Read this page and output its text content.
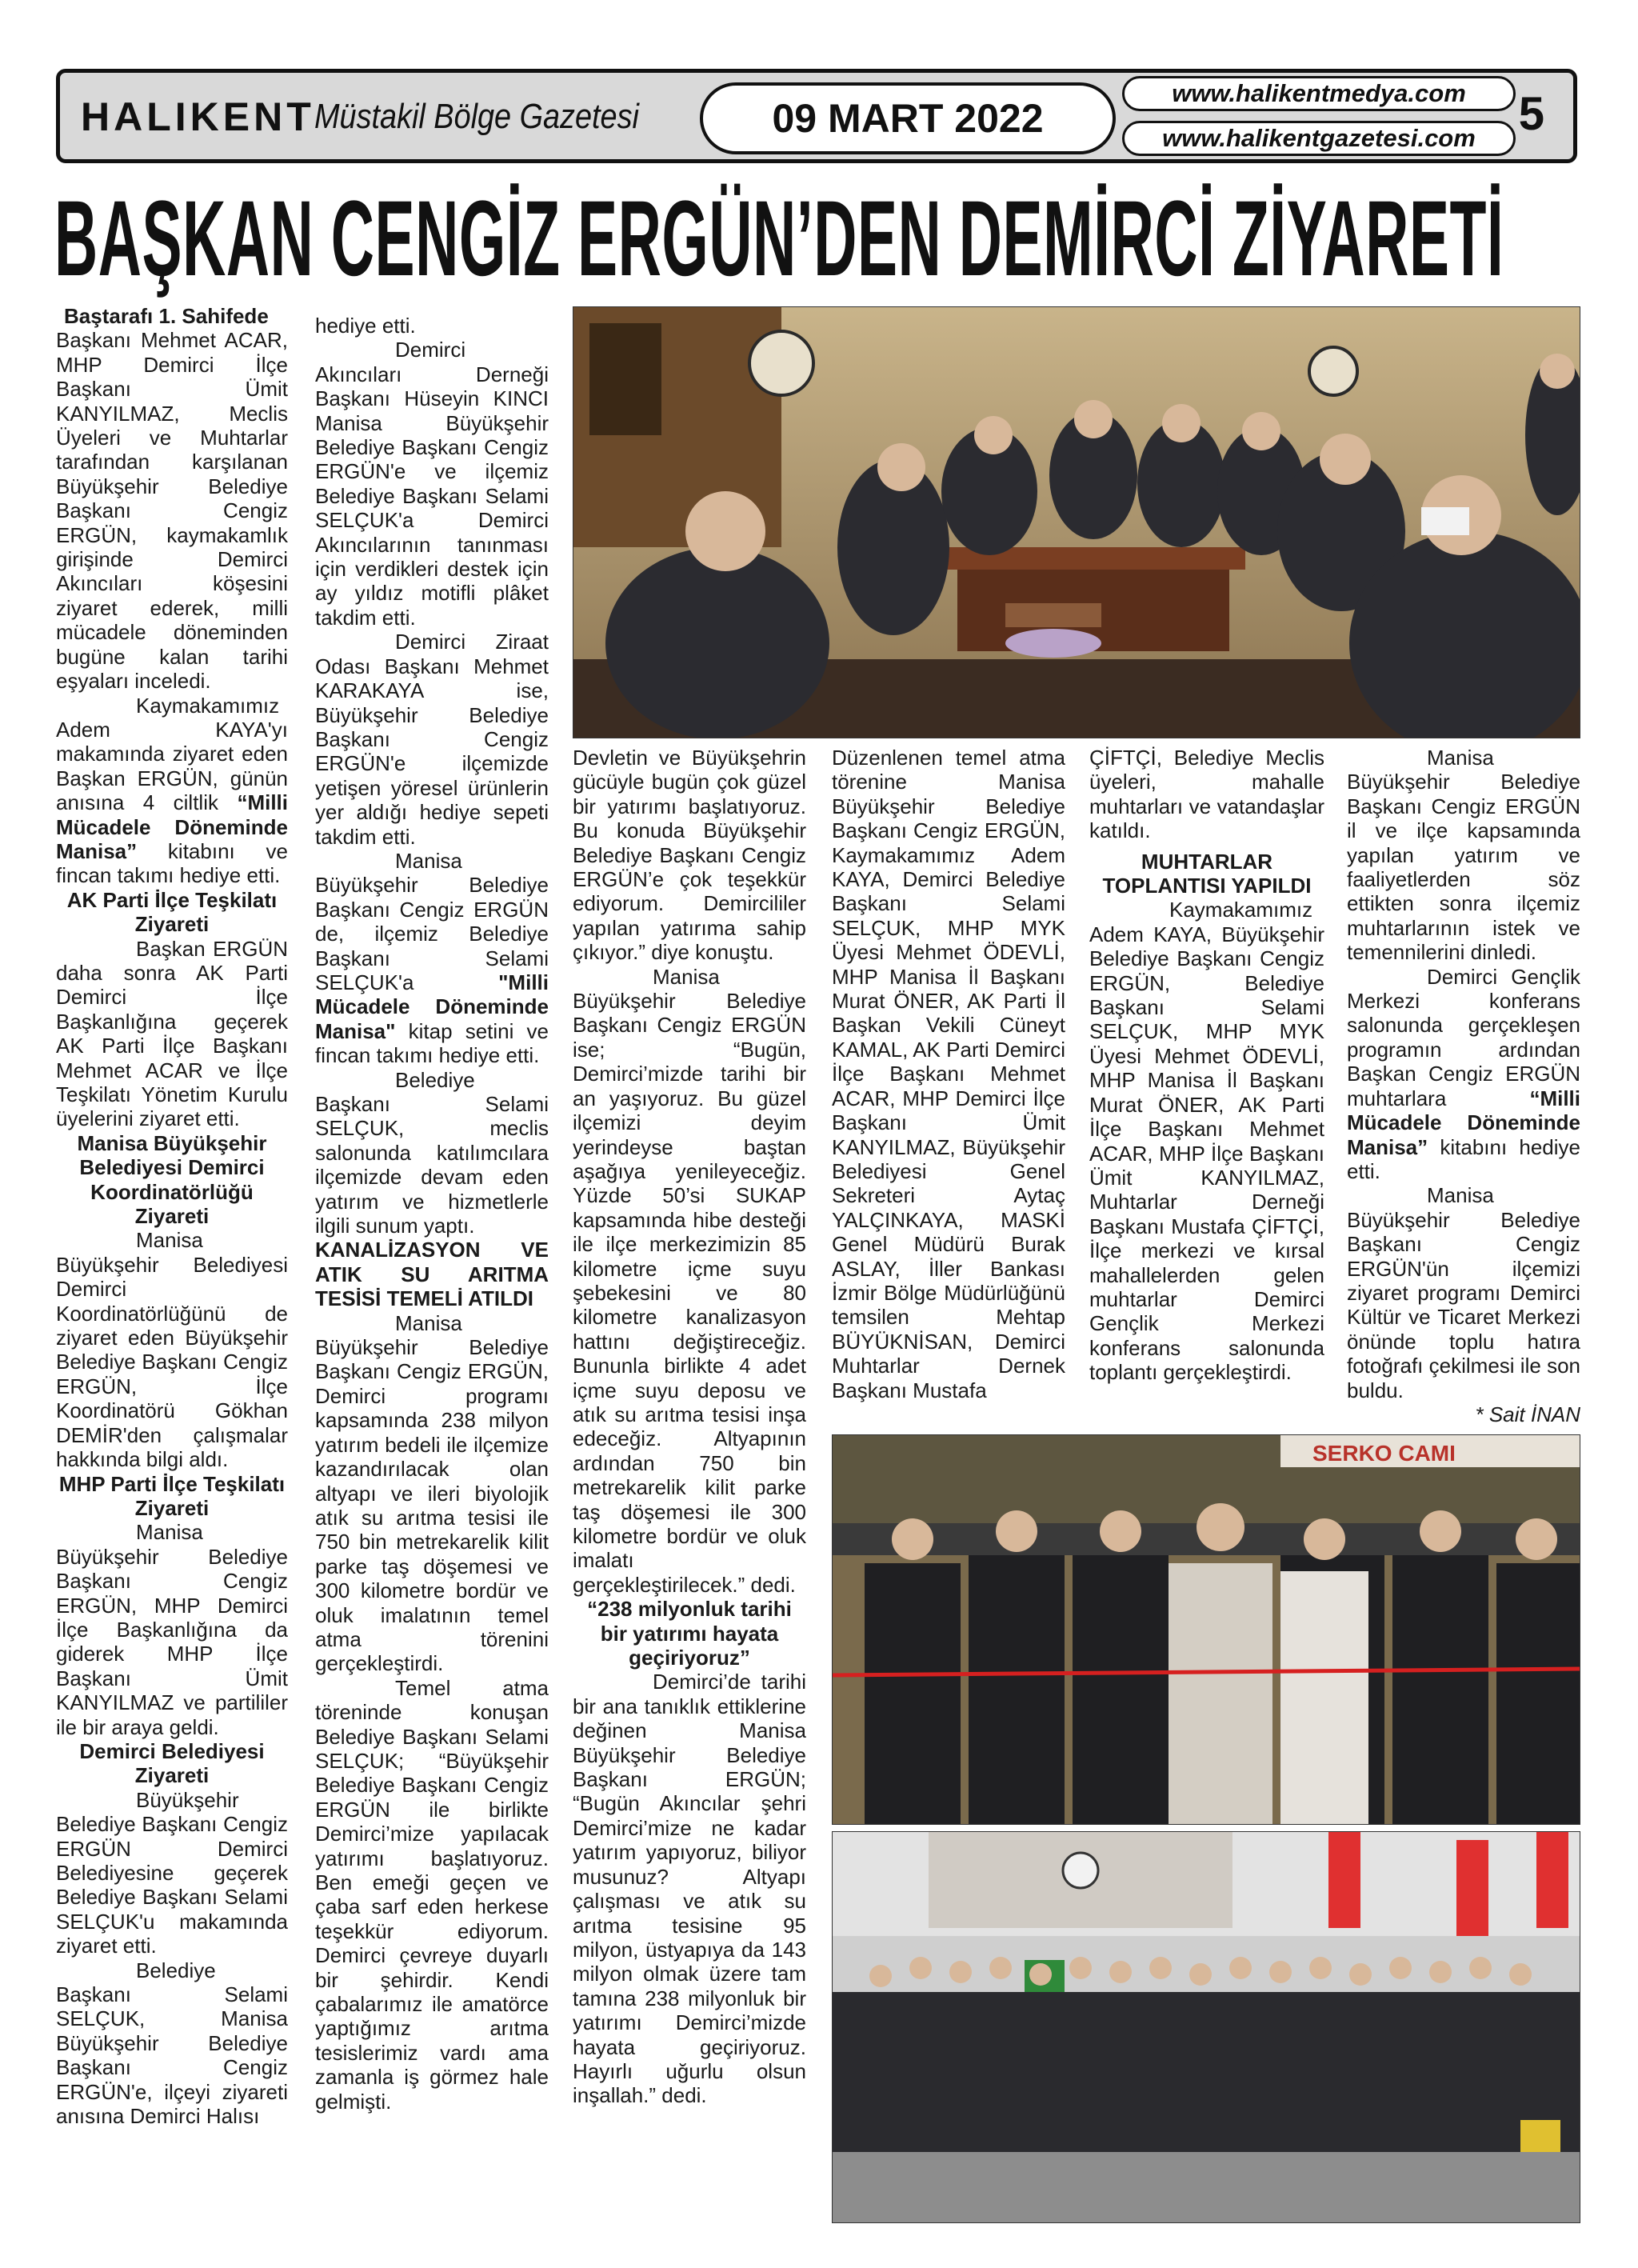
HALIKENT Müstakil Bölge Gazetesi	09 MART 2022
www.halikentmedya.com
www.halikentgazetesi.com 5
BAŞKAN CENGİZ ERGÜN’DEN DEMİRCİ ZİYARETİ

Baştarafı 1. Sahifede

Başkanı Mehmet ACAR, MHP Demirci İlçe Başkanı Ümit KANYILMAZ, Meclis Üyeleri ve Muhtarlar tarafından karşılanan Büyükşehir Belediye Başkanı Cengiz ERGÜN, kaymakamlık girişinde Demirci Akıncıları köşesini ziyaret ederek, milli mücadele döneminden bugüne kalan tarihi eşyaları inceledi.

Kaymakamımız Adem KAYA'yı makamında ziyaret eden Başkan ERGÜN, günün anısına 4 ciltlik “Milli Mücadele Döneminde Manisa” kitabını ve fincan takımı hediye etti.

AK Parti İlçe Teşkilatı Ziyareti

Başkan ERGÜN daha sonra AK Parti Demirci İlçe Başkanlığına geçerek AK Parti İlçe Başkanı Mehmet ACAR ve İlçe Teşkilatı Yönetim Kurulu üyelerini ziyaret etti.

Manisa Büyükşehir Belediyesi Demirci Koordinatörlüğü Ziyareti

Manisa Büyükşehir Belediyesi Demirci Koordinatörlüğünü de ziyaret eden Büyükşehir Belediye Başkanı Cengiz ERGÜN, İlçe Koordinatörü Gökhan DEMİR'den çalışmalar hakkında bilgi aldı.

MHP Parti İlçe Teşkilatı Ziyareti

Manisa Büyükşehir Belediye Başkanı Cengiz ERGÜN, MHP Demirci İlçe Başkanlığına da giderek MHP İlçe Başkanı Ümit KANYILMAZ ve partililer ile bir araya geldi.

Demirci Belediyesi Ziyareti

Büyükşehir Belediye Başkanı Cengiz ERGÜN Demirci Belediyesine geçerek Belediye Başkanı Selami SELÇUK'u makamında ziyaret etti.

Belediye Başkanı Selami SELÇUK, Manisa Büyükşehir Belediye Başkanı Cengiz ERGÜN'e, ilçeyi ziyareti anısına Demirci Halısı

hediye etti.

Demirci Akıncıları Derneği Başkanı Hüseyin KINCI Manisa Büyükşehir Belediye Başkanı Cengiz ERGÜN'e ve ilçemiz Belediye Başkanı Selami SELÇUK'a Demirci Akıncılarının tanınması için verdikleri destek için ay yıldız motifli plâket takdim etti.

Demirci Ziraat Odası Başkanı Mehmet KARAKAYA ise, Büyükşehir Belediye Başkanı Cengiz ERGÜN'e ilçemizde yetişen yöresel ürünlerin yer aldığı hediye sepeti takdim etti.

Manisa Büyükşehir Belediye Başkanı Cengiz ERGÜN de, ilçemiz Belediye Başkanı Selami SELÇUK'a "Milli Mücadele Döneminde Manisa" kitap setini ve fincan takımı hediye etti.

Belediye Başkanı Selami SELÇUK, meclis salonunda katılımcılara ilçemizde devam eden yatırım ve hizmetlerle ilgili sunum yaptı.

KANALİZASYON VE ATIK SU ARITMA TESİSİ TEMELİ ATILDI

Manisa Büyükşehir Belediye Başkanı Cengiz ERGÜN, Demirci programı kapsamında 238 milyon yatırım bedeli ile ilçemize kazandırılacak olan altyapı ve ileri biyolojik atık su arıtma tesisi ile 750 bin metrekarelik kilit parke taş döşemesi ve 300 kilometre bordür ve oluk imalatının temel atma törenini gerçekleştirdi.

Temel atma töreninde konuşan Belediye Başkanı Selami SELÇUK; “Büyükşehir Belediye Başkanı Cengiz ERGÜN ile birlikte Demirci’mize yapılacak yatırımı başlatıyoruz. Ben emeği geçen ve çaba sarf eden herkese teşekkür ediyorum. Demirci çevreye duyarlı bir şehirdir. Kendi çabalarımız ile amatörce yaptığımız arıtma tesislerimiz vardı ama zamanla iş görmez hale gelmişti.

Devletin ve Büyükşehrin gücüyle bugün çok güzel bir yatırımı başlatıyoruz. Bu konuda Büyükşehir Belediye Başkanı Cengiz ERGÜN’e çok teşekkür ediyorum. Demircililer yapılan yatırıma sahip çıkıyor.” diye konuştu.

Manisa Büyükşehir Belediye Başkanı Cengiz ERGÜN ise; “Bugün, Demirci’mizde tarihi bir an yaşıyoruz. Bu güzel ilçemizi deyim yerindeyse baştan aşağıya yenileyeceğiz. Yüzde 50’si SUKAP kapsamında hibe desteği ile ilçe merkezimizin 85 kilometre içme suyu şebekesini ve 80 kilometre kanalizasyon hattını değiştireceğiz. Bununla birlikte 4 adet içme suyu deposu ve atık su arıtma tesisi inşa edeceğiz. Altyapının ardından 750 bin metrekarelik kilit parke taş döşemesi ile 300 kilometre bordür ve oluk imalatı gerçekleştirilecek.” dedi.

“238 milyonluk tarihi bir yatırımı hayata geçiriyoruz”

Demirci’de tarihi bir ana tanıklık ettiklerine değinen Manisa Büyükşehir Belediye Başkanı ERGÜN; “Bugün Akıncılar şehri Demirci’mize ne kadar yatırım yapıyoruz, biliyor musunuz? Altyapı çalışması ve atık su arıtma tesisine 95 milyon, üstyapıya da 143 milyon olmak üzere tam tamına 238 milyonluk bir yatırımı Demirci’mizde hayata geçiriyoruz. Hayırlı uğurlu olsun inşallah.” dedi.

Düzenlenen temel atma törenine Manisa Büyükşehir Belediye Başkanı Cengiz ERGÜN, Kaymakamımız Adem KAYA, Demirci Belediye Başkanı Selami SELÇUK, MHP MYK Üyesi Mehmet ÖDEVLİ, MHP Manisa İl Başkanı Murat ÖNER, AK Parti İl Başkan Vekili Cüneyt KAMAL, AK Parti Demirci İlçe Başkanı Mehmet ACAR, MHP Demirci İlçe Başkanı Ümit KANYILMAZ, Büyükşehir Belediyesi Genel Sekreteri Aytaç YALÇINKAYA, MASKİ Genel Müdürü Burak ASLAY, İller Bankası İzmir Bölge Müdürlüğünü temsilen Mehtap BÜYÜKNİSAN, Demirci Muhtarlar Dernek Başkanı Mustafa

ÇİFTÇİ, Belediye Meclis üyeleri, mahalle muhtarları ve vatandaşlar katıldı.

MUHTARLAR TOPLANTISI YAPILDI

Kaymakamımız Adem KAYA, Büyükşehir Belediye Başkanı Cengiz ERGÜN, Belediye Başkanı Selami SELÇUK, MHP MYK Üyesi Mehmet ÖDEVLİ, MHP Manisa İl Başkanı Murat ÖNER, AK Parti İlçe Başkanı Mehmet ACAR, MHP İlçe Başkanı Ümit KANYILMAZ, Muhtarlar Derneği Başkanı Mustafa ÇİFTÇİ, İlçe merkezi ve kırsal mahallelerden gelen muhtarlar Demirci Gençlik Merkezi konferans salonunda toplantı gerçekleştirdi.

Manisa Büyükşehir Belediye Başkanı Cengiz ERGÜN il ve ilçe kapsamında yapılan yatırım ve faaliyetlerden söz ettikten sonra ilçemiz muhtarlarının istek ve temennilerini dinledi.

Demirci Gençlik Merkezi konferans salonunda gerçekleşen programın ardından Başkan Cengiz ERGÜN muhtarlara “Milli Mücadele Döneminde Manisa” kitabını hediye etti.

Manisa Büyükşehir Belediye Başkanı Cengiz ERGÜN'ün ilçemizi ziyaret programı Demirci Kültür ve Ticaret Merkezi önünde toplu hatıra fotoğrafı çekilmesi ile son buldu.

* Sait İNAN

SERKO CAMI
